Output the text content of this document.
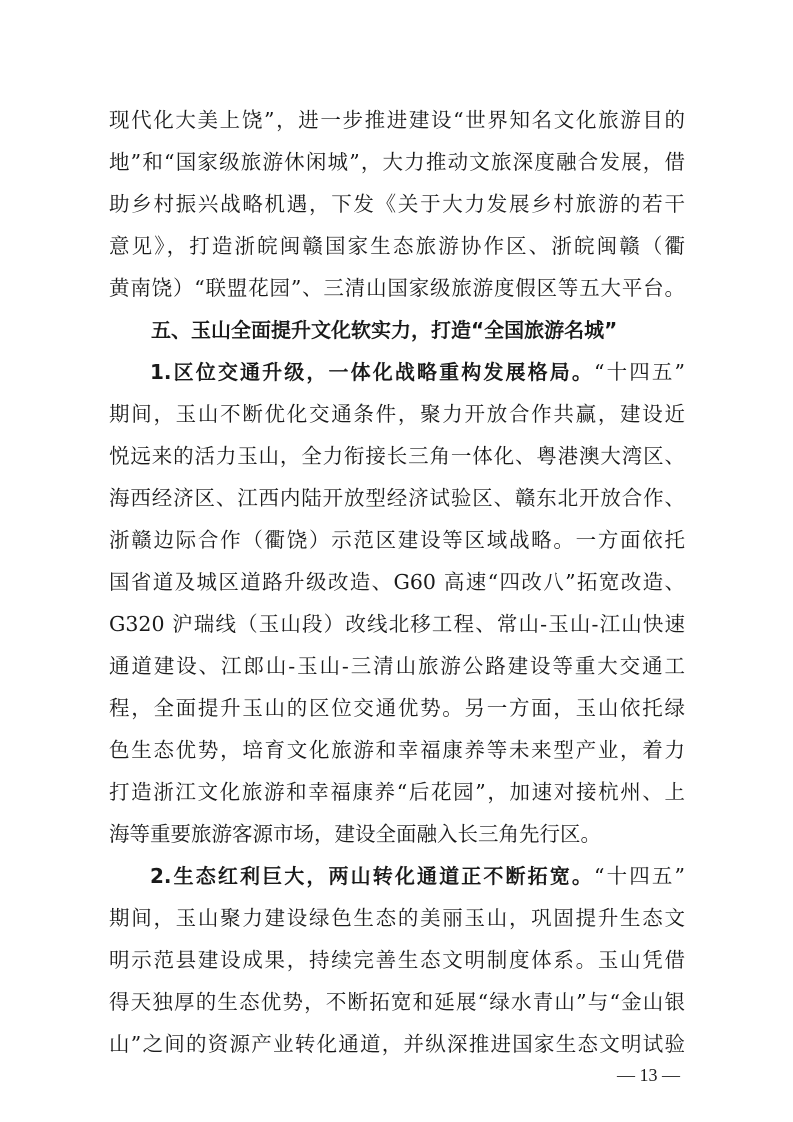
现代化大美上饶”，进一步推进建设“世界知名文化旅游目的
地”和“国家级旅游休闲城”，大力推动文旅深度融合发展，借
助乡村振兴战略机遇，下发《关于大力发展乡村旅游的若干
意见》，打造浙皖闽赣国家生态旅游协作区、浙皖闽赣（衢
黄南饶）“联盟花园”、三清山国家级旅游度假区等五大平台。
五、玉山全面提升文化软实力，打造“全国旅游名城”
1.区位交通升级，一体化战略重构发展格局。“十四五”
期间，玉山不断优化交通条件，聚力开放合作共赢，建设近
悦远来的活力玉山，全力衔接长三角一体化、粤港澳大湾区、
海西经济区、江西内陆开放型经济试验区、赣东北开放合作、
浙赣边际合作（衢饶）示范区建设等区域战略。一方面依托
国省道及城区道路升级改造、G60 高速“四改八”拓宽改造、
G320 沪瑞线（玉山段）改线北移工程、常山-玉山-江山快速
通道建设、江郎山-玉山-三清山旅游公路建设等重大交通工
程，全面提升玉山的区位交通优势。另一方面，玉山依托绿
色生态优势，培育文化旅游和幸福康养等未来型产业，着力
打造浙江文化旅游和幸福康养“后花园”，加速对接杭州、上
海等重要旅游客源市场，建设全面融入长三角先行区。
2.生态红利巨大，两山转化通道正不断拓宽。“十四五”
期间，玉山聚力建设绿色生态的美丽玉山，巩固提升生态文
明示范县建设成果，持续完善生态文明制度体系。玉山凭借
得天独厚的生态优势，不断拓宽和延展“绿水青山”与“金山银
山”之间的资源产业转化通道，并纵深推进国家生态文明试验
— 13 —
